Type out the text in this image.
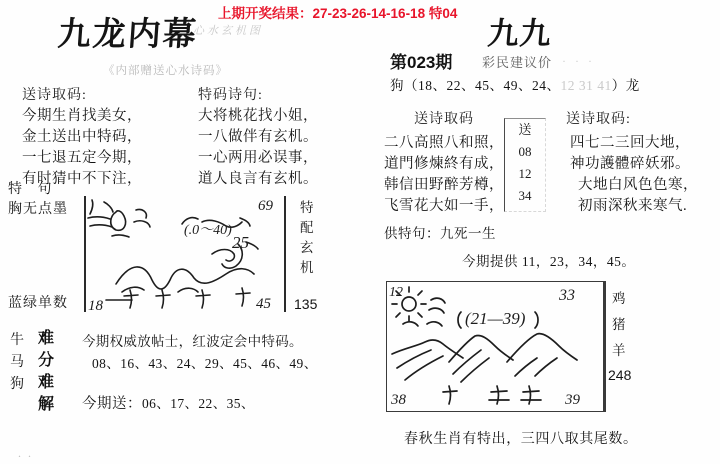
九龙内幕
心水玄机图
上期开奖结果：27-23-26-14-16-18 特04
九九
第023期 彩民建议价 · · ·
狗（18、22、45、49、24、12 31 41）龙
《内部赠送心水诗码》
送诗取码:
今期生肖找美女，
金土送出中特码，
一七退五定今期，
有时猜中不下注，
特码诗句:
大将桃花找小姐，
一八做伴有玄机。
一心两用必误事，
道人良言有玄机。
特 句
胸无点墨
蓝绿单数
69
(.0～40)
25
18	45
特
配
玄
机
135
牛
马
狗
难
分
难
解
今期权威放帖士，红波定会中特码。
08、16、43、24、29、45、46、49、
今期送：06、17、22、35、
. .
送诗取码
二八高照八和照，
道門修煉終有成，
韩信田野醉芳樽，
飞雪花大如一手，
送诗取码:
四七二三回大地，
神功護體碎妖邪。
大地白风色色寒，
初雨深秋来寒气.
送
08
12
34
供特句：九死一生
今期提供 11，23，34，45。
12
(21—39)
33
38	39
鸡
猪
羊
248
春秋生肖有特出，三四八取其尾数。
